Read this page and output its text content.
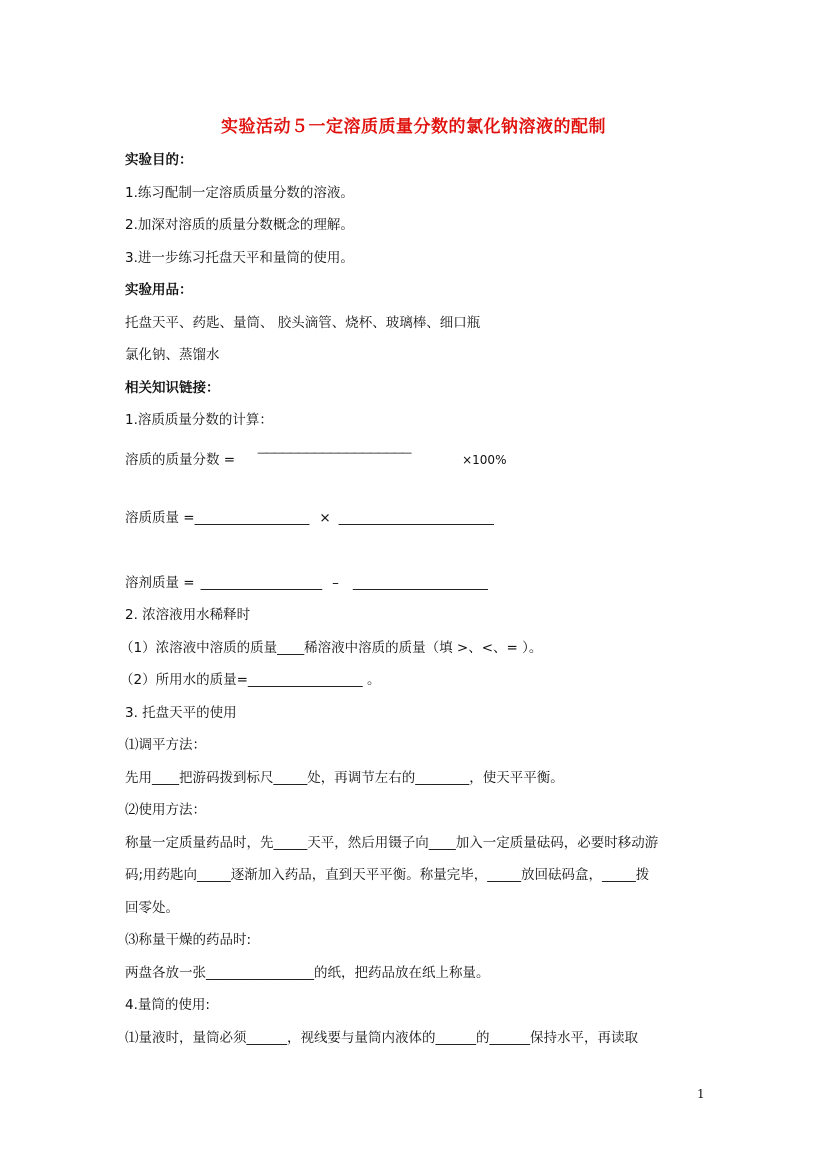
实验活动５一定溶质质量分数的氯化钠溶液的配制
实验目的：
1.练习配制一定溶质质量分数的溶液。
2.加深对溶质的质量分数概念的理解。
3.进一步练习托盘天平和量筒的使用。
实验用品：
托盘天平、药匙、量筒、 胶头滴管、烧杯、玻璃棒、细口瓶
氯化钠、蒸馏水
相关知识链接：
1.溶质质量分数的计算：
溶质的质量分数 = ———————————————————×100%
溶质质量 =_________________ × _______________________
溶剂质量 = __________________ – ____________________
2. 浓溶液用水稀释时
（1）浓溶液中溶质的质量____稀溶液中溶质的质量（填 >、<、= ）。
（2）所用水的质量=_________________ 。
3. 托盘天平的使用
⑴调平方法：
先用____把游码拨到标尺_____处，再调节左右的________，使天平平衡。
⑵使用方法：
称量一定质量药品时，先_____天平，然后用镊子向____加入一定质量砝码，必要时移动游
码;用药匙向_____逐渐加入药品，直到天平平衡。称量完毕，_____放回砝码盒，_____拨
回零处。
⑶称量干燥的药品时:
两盘各放一张________________的纸，把药品放在纸上称量。
4.量筒的使用:
⑴量液时，量筒必须______，视线要与量筒内液体的______的______保持水平，再读取
1
